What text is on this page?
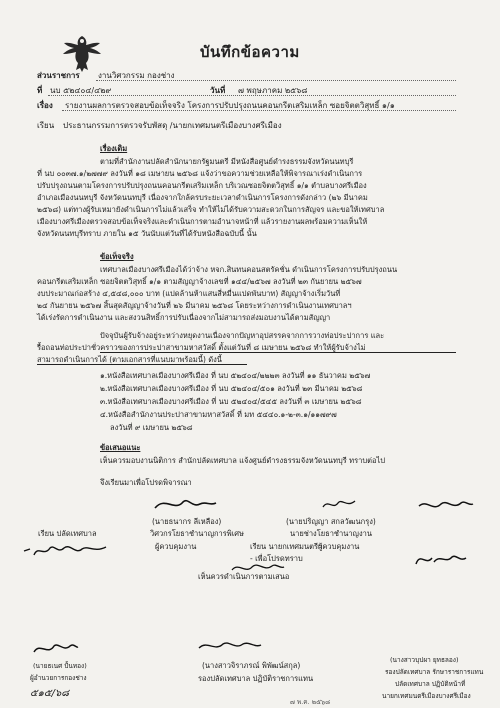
บันทึกข้อความ
ส่วนราชการ งานวิศวกรรม กองช่าง
ที่ นบ ๕๒๔๐๔/๔๒๙	วันที่ ๗ พฤษภาคม ๒๕๖๘
เรื่อง รายงานผลการตรวจสอบข้อเท็จจริง โครงการปรับปรุงถนนคอนกรีตเสริมเหล็ก ซอยจิตตวิสุทธิ์ ๑/๑
เรียน ประธานกรรมการตรวจรับพัสดุ /นายกเทศมนตรีเมืองบางศรีเมือง
เรื่องเดิม
ตามที่สำนักงานปลัดสำนักนายกรัฐมนตรี มีหนังสือศูนย์ดำรงธรรมจังหวัดนนทบุรี
ที่ นบ ๐๐๓๗.๑/๒๗๗๙ ลงวันที่ ๑๘ เมษายน ๒๕๖๘ แจ้งว่าขอความช่วยเหลือให้พิจารณาเร่งดำเนินการ
ปรับปรุงถนนตามโครงการปรับปรุงถนนคอนกรีตเสริมเหล็ก บริเวณซอยจิตตวิสุทธิ์ ๑/๑ ตำบลบางศรีเมือง
อำเภอเมืองนนทบุรี จังหวัดนนทบุรี เนื่องจากใกล้ครบระยะเวลาดำเนินการโครงการดังกล่าว (๒๖ มีนาคม
๒๕๖๘) แต่ทางผู้รับเหมายังดำเนินการไม่แล้วเสร็จ ทำให้ไม่ได้รับความสะดวกในการสัญจร และขอให้เทศบาล
เมืองบางศรีเมืองตรวจสอบข้อเท็จจริงและดำเนินการตามอำนาจหน้าที่ แล้วรายงานผลพร้อมความเห็นให้
จังหวัดนนทบุรีทราบ ภายใน ๑๕ วันนับแต่วันที่ได้รับหนังสือฉบับนี้ นั้น
ข้อเท็จจริง
เทศบาลเมืองบางศรีเมืองได้ว่าจ้าง หจก.สินทนคอนสตรัคชั่น ดำเนินการโครงการปรับปรุงถนน
คอนกรีตเสริมเหล็ก ซอยจิตตวิสุทธิ์ ๑/๑ ตามสัญญาจ้างเลขที่ ๑๔๔/๒๕๖๗ ลงวันที่ ๒๓ กันยายน ๒๕๖๗
งบประมาณก่อสร้าง ๔,๕๔๘,๐๐๐ บาท (แปดล้านห้าแสนสี่หมื่นแปดพันบาท) สัญญาจ้างเริ่มวันที่
๒๔ กันยายน ๒๕๖๗ สิ้นสุดสัญญาจ้างวันที่ ๒๖ มีนาคม ๒๕๖๘ โดยระหว่างการดำเนินงานเทศบาลฯ
ได้เร่งรัดการดำเนินงาน และสงวนสิทธิ์การปรับเนื่องจากไม่สามารถส่งมอบงานได้ตามสัญญา
ปัจจุบันผู้รับจ้างอยู่ระหว่างหยุดงานเนื่องจากปัญหาอุปสรรคจากการวางท่อประปาการ และ
รื้อถอนท่อประปาชั่วคราวของการประปาสาขามหาสวัสดิ์ ตั้งแต่วันที่ ๘ เมษายน ๒๕๖๘ ทำให้ผู้รับจ้างไม่
สามารถดำเนินการได้ (ตามเอกสารที่แนบมาพร้อมนี้) ดังนี้
๑.หนังสือเทศบาลเมืองบางศรีเมือง ที่ นบ ๕๒๔๐๔/๒๒๒๓ ลงวันที่ ๑๑ ธันวาคม ๒๕๖๗
๒.หนังสือเทศบาลเมืองบางศรีเมือง ที่ นบ ๕๒๔๐๔/๕๐๑ ลงวันที่ ๒๓ มีนาคม ๒๕๖๘
๓.หนังสือเทศบาลเมืองบางศรีเมือง ที่ นบ ๕๒๔๐๔/๕๔๕ ลงวันที่ ๓ เมษายน ๒๕๖๘
๔.หนังสือสำนักงานประปาสาขามหาสวัสดิ์ ที่ มท ๕๔๔๐.๑-๒-๓.๑/๑๑๗๙๗
ลงวันที่ ๙ เมษายน ๒๕๖๘
ข้อเสนอแนะ
เห็นควรมอบงานนิติการ สำนักปลัดเทศบาล แจ้งศูนย์ดำรงธรรมจังหวัดนนทบุรี ทราบต่อไป
จึงเรียนมาเพื่อโปรดพิจารณา
(นายธนากร ลีเหลือง)
วิศวกรโยธาชำนาญการพิเศษ
(นายปริญญา สกลวัฒนกรุง)
นายช่างโยธาชำนาญงาน
เรียน ปลัดเทศบาล
ผู้ควบคุมงาน	เรียน นายกเทศมนตรีฯ
ผู้ควบคุมงาน
- เพื่อโปรดทราบ
เห็นควรดำเนินการตามเสนอ
(นายธเนศ ปั้นทอง)
ผู้อำนวยการกองช่าง
๕๑๕/๖๘
(นางสาวจิราภรณ์ พิพัฒน์สกุล)
รองปลัดเทศบาล ปฏิบัติราชการแทน
(นางสาวบุปผา ยุทธลอง)
รองปลัดเทศบาล รักษาราชการแทน
ปลัดเทศบาล ปฏิบัติหน้าที่
นายกเทศมนตรีเมืองบางศรีเมือง
๗ พ.ค. ๒๕๖๘
